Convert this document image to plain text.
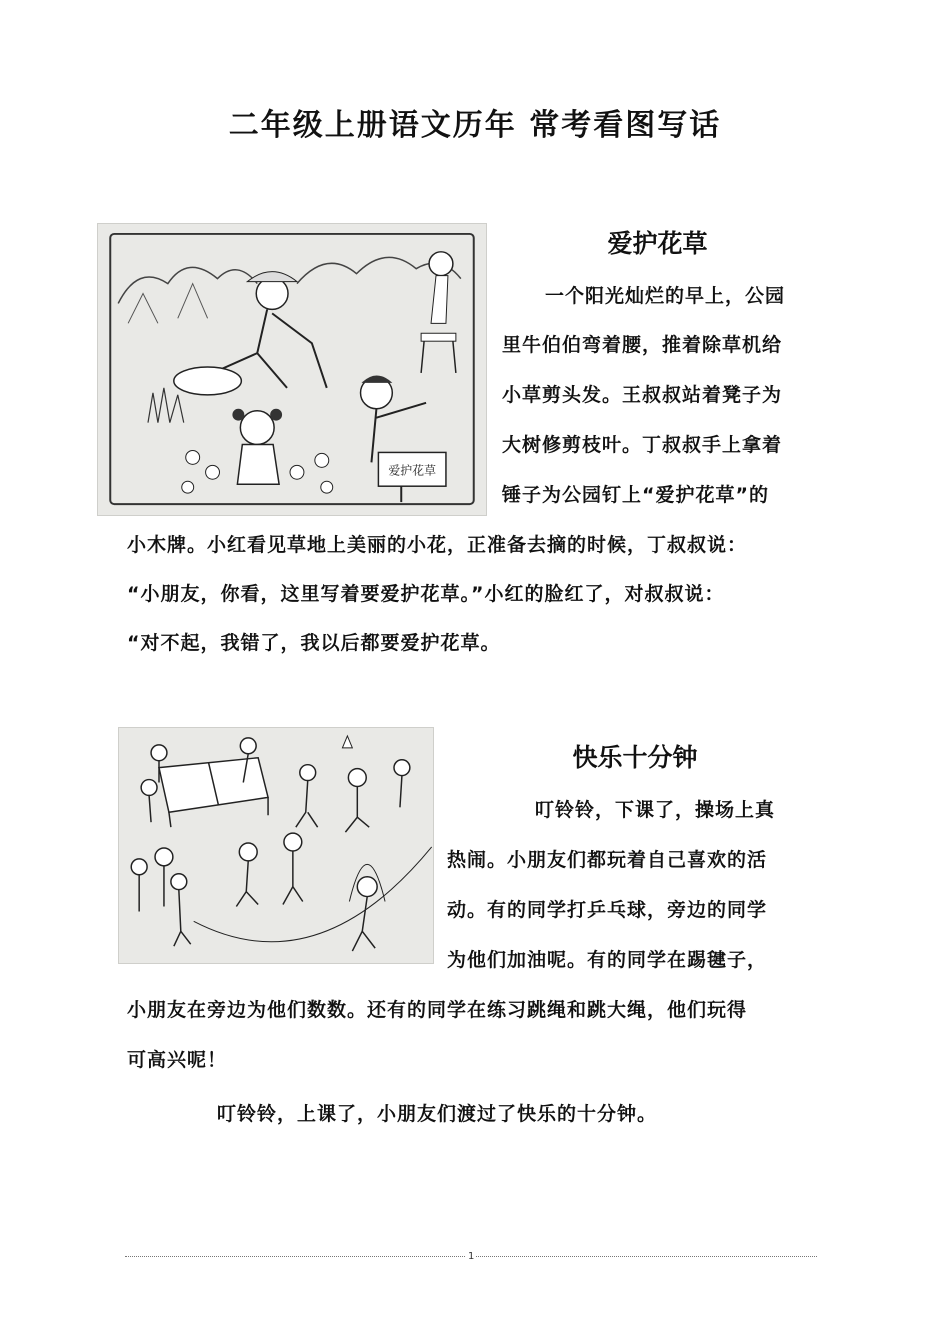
二年级上册语文历年 常考看图写话
爱护花草
爱护花草
一个阳光灿烂的早上，公园
里牛伯伯弯着腰，推着除草机给
小草剪头发。王叔叔站着凳子为
大树修剪枝叶。丁叔叔手上拿着
锤子为公园钉上“爱护花草”的
小木牌。小红看见草地上美丽的小花，正准备去摘的时候，丁叔叔说：
“小朋友，你看，这里写着要爱护花草。”小红的脸红了，对叔叔说：
“对不起，我错了，我以后都要爱护花草。
快乐十分钟
叮铃铃，下课了，操场上真
热闹。小朋友们都玩着自己喜欢的活
动。有的同学打乒乓球，旁边的同学
为他们加油呢。有的同学在踢毽子，
小朋友在旁边为他们数数。还有的同学在练习跳绳和跳大绳，他们玩得
可高兴呢！
叮铃铃，上课了，小朋友们渡过了快乐的十分钟。
1
